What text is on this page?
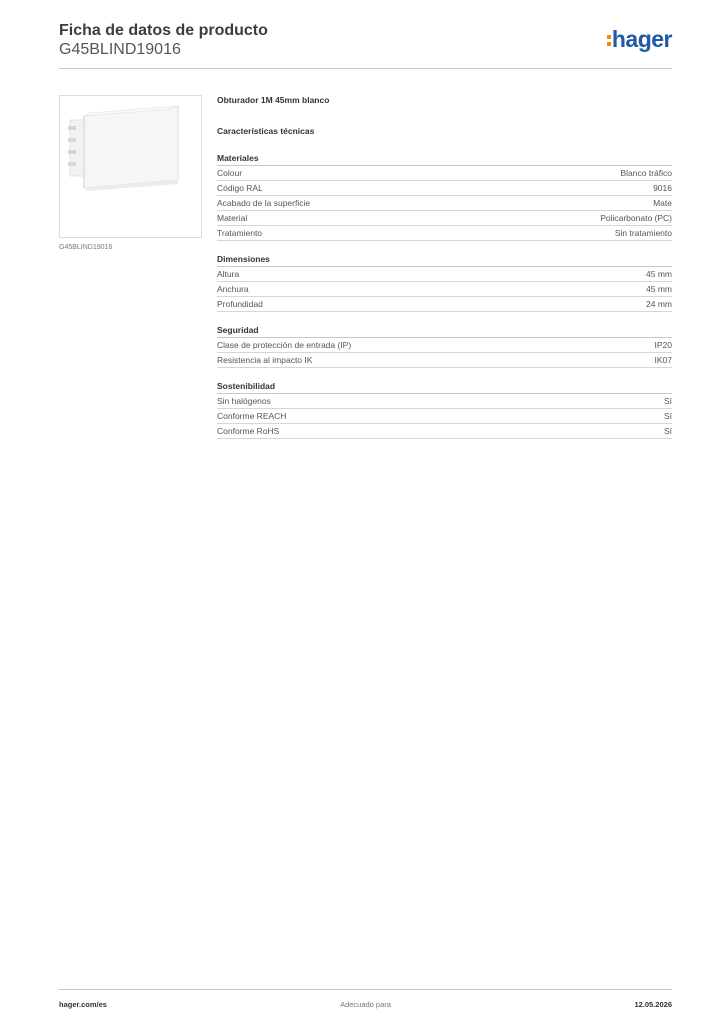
Ficha de datos de producto
G45BLIND19016	hager
G45BLIND19016
Obturador 1M 45mm blanco
Características técnicas
Materiales
Colour	Blanco tráfico
Código RAL	9016
Acabado de la superficie	Mate
Material	Policarbonato (PC)
Tratamiento	Sin tratamiento
Dimensiones
Altura	45 mm
Anchura	45 mm
Profundidad	24 mm
Seguridad
Clase de protección de entrada (IP)	IP20
Resistencia al impacto IK	IK07
Sostenibilidad
Sin halógenos	Sí
Conforme REACH	Sí
Conforme RoHS	Sí
hager.com/es	Adecuado para	12.05.2026
